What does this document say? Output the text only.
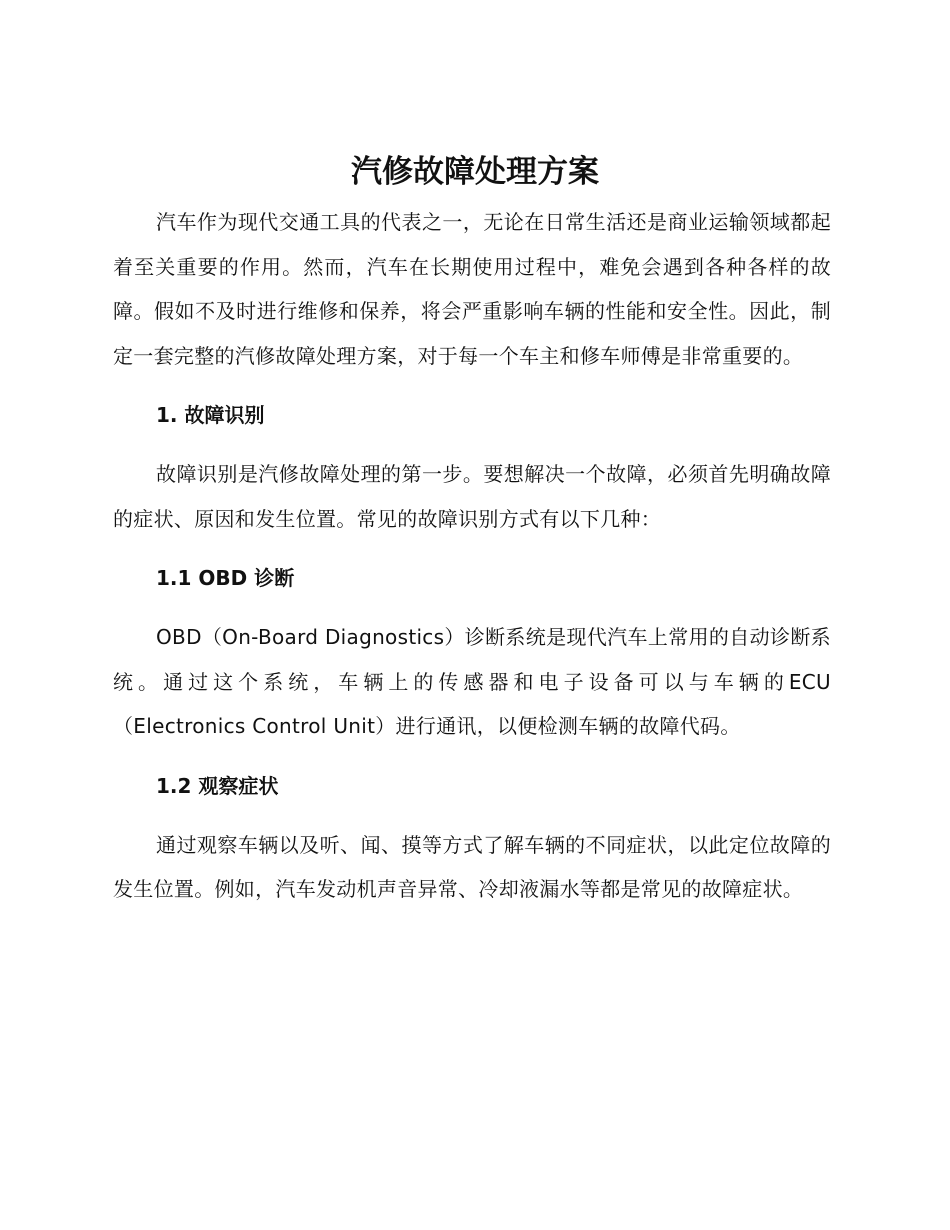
汽修故障处理方案

汽车作为现代交通工具的代表之一，无论在日常生活还是商业运输领域都起着至关重要的作用。然而，汽车在长期使用过程中，难免会遇到各种各样的故障。假如不及时进行维修和保养，将会严重影响车辆的性能和安全性。因此，制定一套完整的汽修故障处理方案，对于每一个车主和修车师傅是非常重要的。

1. 故障识别

故障识别是汽修故障处理的第一步。要想解决一个故障，必须首先明确故障的症状、原因和发生位置。常见的故障识别方式有以下几种：

1.1 OBD 诊断

OBD（On-Board Diagnostics）诊断系统是现代汽车上常用的自动诊断系统。通过这个系统，车辆上的传感器和电子设备可以与车辆的ECU（Electronics Control Unit）进行通讯，以便检测车辆的故障代码。

1.2 观察症状

通过观察车辆以及听、闻、摸等方式了解车辆的不同症状，以此定位故障的发生位置。例如，汽车发动机声音异常、冷却液漏水等都是常见的故障症状。
